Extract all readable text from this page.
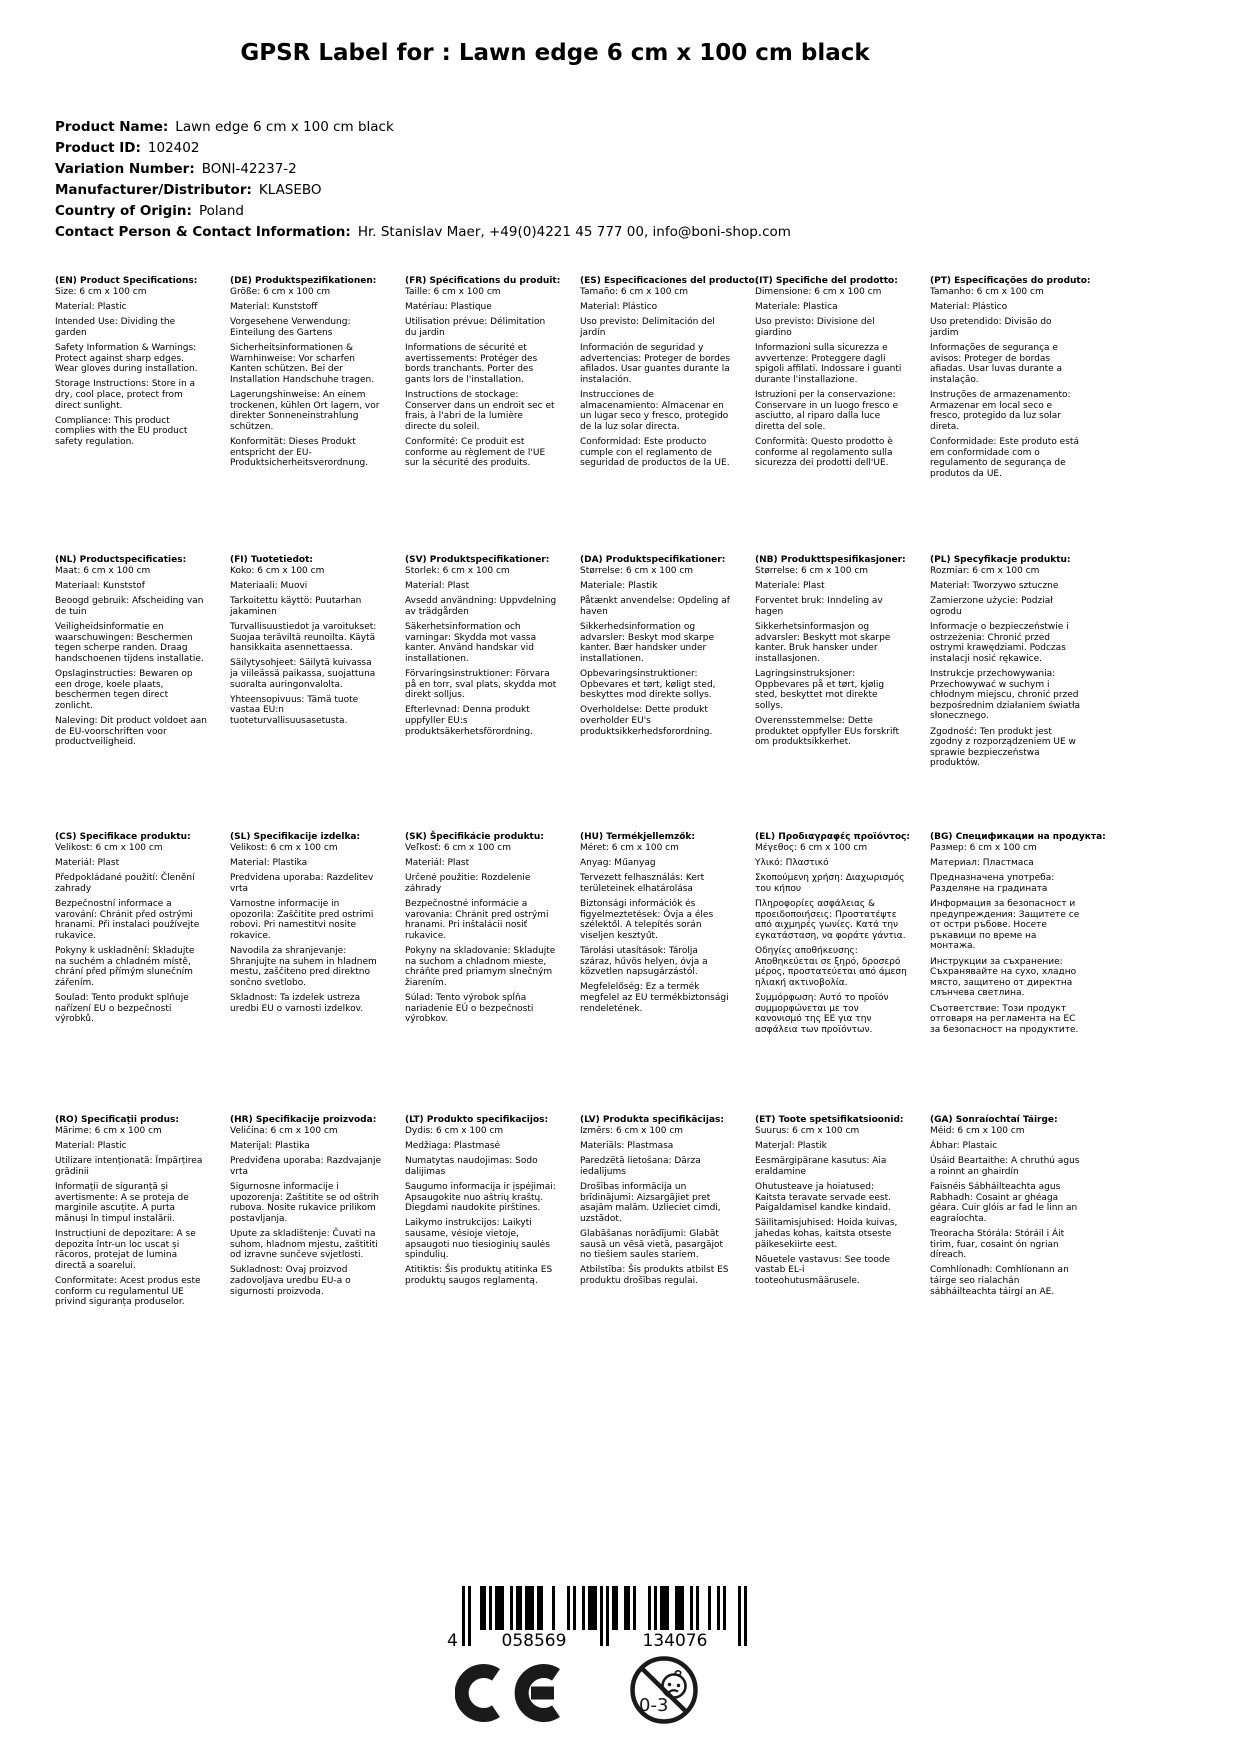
GPSR Label for : Lawn edge 6 cm x 100 cm black
Product Name: Lawn edge 6 cm x 100 cm black
Product ID: 102402
Variation Number: BONI-42237-2
Manufacturer/Distributor: KLASEBO
Country of Origin: Poland
Contact Person & Contact Information: Hr. Stanislav Maer, +49(0)4221 45 777 00, info@boni-shop.com
(EN) Product Specifications:

Size: 6 cm x 100 cm

Material: Plastic

Intended Use: Dividing the garden

Safety Information & Warnings: Protect against sharp edges. Wear gloves during installation.

Storage Instructions: Store in a dry, cool place, protect from direct sunlight.

Compliance: This product complies with the EU product safety regulation.

(DE) Produktspezifikationen:

Größe: 6 cm x 100 cm

Material: Kunststoff

Vorgesehene Verwendung: Einteilung des Gartens

Sicherheitsinformationen & Warnhinweise: Vor scharfen Kanten schützen. Bei der Installation Handschuhe tragen.

Lagerungshinweise: An einem trockenen, kühlen Ort lagern, vor direkter Sonneneinstrahlung schützen.

Konformität: Dieses Produkt entspricht der EU-Produktsicherheitsverordnung.

(FR) Spécifications du produit:

Taille: 6 cm x 100 cm

Matériau: Plastique

Utilisation prévue: Délimitation du jardin

Informations de sécurité et avertissements: Protéger des bords tranchants. Porter des gants lors de l'installation.

Instructions de stockage: Conserver dans un endroit sec et frais, à l'abri de la lumière directe du soleil.

Conformité: Ce produit est conforme au règlement de l'UE sur la sécurité des produits.

(ES) Especificaciones del producto:

Tamaño: 6 cm x 100 cm

Material: Plástico

Uso previsto: Delimitación del jardín

Información de seguridad y advertencias: Proteger de bordes afilados. Usar guantes durante la instalación.

Instrucciones de almacenamiento: Almacenar en un lugar seco y fresco, protegido de la luz solar directa.

Conformidad: Este producto cumple con el reglamento de seguridad de productos de la UE.

(IT) Specifiche del prodotto:

Dimensione: 6 cm x 100 cm

Materiale: Plastica

Uso previsto: Divisione del giardino

Informazioni sulla sicurezza e avvertenze: Proteggere dagli spigoli affilati. Indossare i guanti durante l'installazione.

Istruzioni per la conservazione: Conservare in un luogo fresco e asciutto, al riparo dalla luce diretta del sole.

Conformità: Questo prodotto è conforme al regolamento sulla sicurezza dei prodotti dell'UE.

(PT) Especificações do produto:

Tamanho: 6 cm x 100 cm

Material: Plástico

Uso pretendido: Divisão do jardim

Informações de segurança e avisos: Proteger de bordas afiadas. Usar luvas durante a instalação.

Instruções de armazenamento: Armazenar em local seco e fresco, protegido da luz solar direta.

Conformidade: Este produto está em conformidade com o regulamento de segurança de produtos da UE.

(NL) Productspecificaties:

Maat: 6 cm x 100 cm

Materiaal: Kunststof

Beoogd gebruik: Afscheiding van de tuin

Veiligheidsinformatie en waarschuwingen: Beschermen tegen scherpe randen. Draag handschoenen tijdens installatie.

Opslaginstructies: Bewaren op een droge, koele plaats, beschermen tegen direct zonlicht.

Naleving: Dit product voldoet aan de EU-voorschriften voor productveiligheid.

(FI) Tuotetiedot:

Koko: 6 cm x 100 cm

Materiaali: Muovi

Tarkoitettu käyttö: Puutarhan jakaminen

Turvallisuustiedot ja varoitukset: Suojaa teräviltä reunoilta. Käytä hansikkaita asennettaessa.

Säilytysohjeet: Säilytä kuivassa ja viileässä paikassa, suojattuna suoralta auringonvalolta.

Yhteensopivuus: Tämä tuote vastaa EU:n tuoteturvallisuusasetusta.

(SV) Produktspecifikationer:

Storlek: 6 cm x 100 cm

Material: Plast

Avsedd användning: Uppvdelning av trädgården

Säkerhetsinformation och varningar: Skydda mot vassa kanter. Använd handskar vid installationen.

Förvaringsinstruktioner: Förvara på en torr, sval plats, skydda mot direkt solljus.

Efterlevnad: Denna produkt uppfyller EU:s produktsäkerhetsförordning.

(DA) Produktspecifikationer:

Størrelse: 6 cm x 100 cm

Materiale: Plastik

Påtænkt anvendelse: Opdeling af haven

Sikkerhedsinformation og advarsler: Beskyt mod skarpe kanter. Bær handsker under installationen.

Opbevaringsinstruktioner: Opbevares et tørt, køligt sted, beskyttes mod direkte sollys.

Overholdelse: Dette produkt overholder EU's produktsikkerhedsforordning.

(NB) Produkttspesifikasjoner:

Størrelse: 6 cm x 100 cm

Materiale: Plast

Forventet bruk: Inndeling av hagen

Sikkerhetsinformasjon og advarsler: Beskytt mot skarpe kanter. Bruk hansker under installasjonen.

Lagringsinstruksjoner: Oppbevares på et tørt, kjølig sted, beskyttet mot direkte sollys.

Overensstemmelse: Dette produktet oppfyller EUs forskrift om produktsikkerhet.

(PL) Specyfikacje produktu:

Rozmiar: 6 cm x 100 cm

Materiał: Tworzywo sztuczne

Zamierzone użycie: Podział ogrodu

Informacje o bezpieczeństwie i ostrzeżenia: Chronić przed ostrymi krawędziami. Podczas instalacji nosić rękawice.

Instrukcje przechowywania: Przechowywać w suchym i chłodnym miejscu, chronić przed bezpośrednim działaniem światła słonecznego.

Zgodność: Ten produkt jest zgodny z rozporządzeniem UE w sprawie bezpieczeństwa produktów.

(CS) Specifikace produktu:

Velikost: 6 cm x 100 cm

Materiál: Plast

Předpokládané použití: Členění zahrady

Bezpečnostní informace a varování: Chránit před ostrými hranami. Při instalaci používejte rukavice.

Pokyny k uskladnění: Skladujte na suchém a chladném místě, chrání před přímým slunečním zářením.

Soulad: Tento produkt splňuje nařízení EU o bezpečnosti výrobků.

(SL) Specifikacije izdelka:

Velikost: 6 cm x 100 cm

Material: Plastika

Predvidena uporaba: Razdelitev vrta

Varnostne informacije in opozorila: Zaščitite pred ostrimi robovi. Pri namestitvi nosite rokavice.

Navodila za shranjevanje: Shranjujte na suhem in hladnem mestu, zaščiteno pred direktno sončno svetlobo.

Skladnost: Ta izdelek ustreza uredbi EU o varnosti izdelkov.

(SK) Špecifikácie produktu:

Veľkosť: 6 cm x 100 cm

Materiál: Plast

Určené použitie: Rozdelenie záhrady

Bezpečnostné informácie a varovania: Chránit pred ostrými hranami. Pri inštalácii nosiť rukavice.

Pokyny na skladovanie: Skladujte na suchom a chladnom mieste, chráňte pred priamym slnečným žiarením.

Súlad: Tento výrobok spĺňa nariadenie EÚ o bezpečnosti výrobkov.

(HU) Termékjellemzők:

Méret: 6 cm x 100 cm

Anyag: Műanyag

Tervezett felhasználás: Kert területeinek elhatárolása

Biztonsági információk és figyelmeztetések: Óvja a éles szélektől. A telepítés során viseljen kesztyűt.

Tárolási utasítások: Tárolja száraz, hűvös helyen, óvja a közvetlen napsugárzástól.

Megfelelőség: Ez a termék megfelel az EU termékbiztonsági rendeletének.

(EL) Προδιαγραφές προϊόντος:

Μέγεθος: 6 cm x 100 cm

Υλικό: Πλαστικό

Σκοπούμενη χρήση: Διαχωρισμός του κήπου

Πληροφορίες ασφάλειας & προειδοποιήσεις: Προστατέψτε από αιχμηρές γωνίες. Κατά την εγκατάσταση, να φοράτε γάντια.

Οδηγίες αποθήκευσης: Αποθηκεύεται σε ξηρό, δροσερό μέρος, προστατεύεται από άμεση ηλιακή ακτινοβολία.

Συμμόρφωση: Αυτό το προϊόν συμμορφώνεται με τον κανονισμό της ΕΕ για την ασφάλεια των προϊόντων.

(BG) Спецификации на продукта:

Размер: 6 cm x 100 cm

Материал: Пластмаса

Предназначена употреба: Разделяне на градината

Информация за безопасност и предупреждения: Защитете се от остри ръбове. Носете ръкавици по време на монтажа.

Инструкции за съхранение: Съхранявайте на сухо, хладно място, защитено от директна слънчева светлина.

Съответствие: Този продукт отговаря на регламента на ЕС за безопасност на продуктите.

(RO) Specificații produs:

Mărime: 6 cm x 100 cm

Material: Plastic

Utilizare intenționată: Împărțirea grădinii

Informații de siguranță și avertismente: A se proteja de marginile ascuțite. A purta mănuși în timpul instalării.

Instrucțiuni de depozitare: A se depozita într-un loc uscat și răcoros, protejat de lumina directă a soarelui.

Conformitate: Acest produs este conform cu regulamentul UE privind siguranța produselor.

(HR) Specifikacije proizvoda:

Veličina: 6 cm x 100 cm

Materijal: Plastika

Predviđena uporaba: Razdvajanje vrta

Sigurnosne informacije i upozorenja: Zaštitite se od oštrih rubova. Nosite rukavice prilikom postavljanja.

Upute za skladištenje: Čuvati na suhom, hladnom mjestu, zaštititi od izravne sunčeve svjetlosti.

Sukladnost: Ovaj proizvod zadovoljava uredbu EU-a o sigurnosti proizvoda.

(LT) Produkto specifikacijos:

Dydis: 6 cm x 100 cm

Medžiaga: Plastmasė

Numatytas naudojimas: Sodo dalijimas

Saugumo informacija ir įspėjimai: Apsaugokite nuo aštrių kraštų. Diegdami naudokite pirštines.

Laikymo instrukcijos: Laikyti sausame, vėsioje vietoje, apsaugoti nuo tiesioginių saulės spindulių.

Atitiktis: Šis produktų atitinka ES produktų saugos reglamentą.

(LV) Produkta specifikācijas:

Izmērs: 6 cm x 100 cm

Materiāls: Plastmasa

Paredzētā lietošana: Dārza iedalījums

Drošības informācija un brīdinājumi: Aizsargājiet pret asajām malām. Uzlieciet cimdi, uzstādot.

Glabāšanas norādījumi: Glabāt sausā un vēsā vietā, pasargājot no tiešiem saules stariem.

Atbilstība: Šis produkts atbilst ES produktu drošības regulai.

(ET) Toote spetsifikatsioonid:

Suurus: 6 cm x 100 cm

Materjal: Plastik

Eesmärgipärane kasutus: Aia eraldamine

Ohutusteave ja hoiatused: Kaitsta teravate servade eest. Paigaldamisel kandke kindaid.

Säilitamisjuhised: Hoida kuivas, jahedas kohas, kaitsta otseste päikesekiirte eest.

Nõuetele vastavus: See toode vastab EL-i tooteohutusmäärusele.

(GA) Sonraíochtaí Táirge:

Méid: 6 cm x 100 cm

Ábhar: Plastaic

Úsáid Beartaithe: A chruthú agus a roinnt an ghairdín

Faisnéis Sábháilteachta agus Rabhadh: Cosaint ar ghéaga géara. Cuir glóis ar fad le linn an eagraíochta.

Treoracha Stórála: Stóráil i Áit tirim, fuar, cosaint ón ngrian díreach.

Comhlíonadh: Comhlíonann an táirge seo rialachán sábháilteachta táirgí an AE.

4	058569	134076
0-3
